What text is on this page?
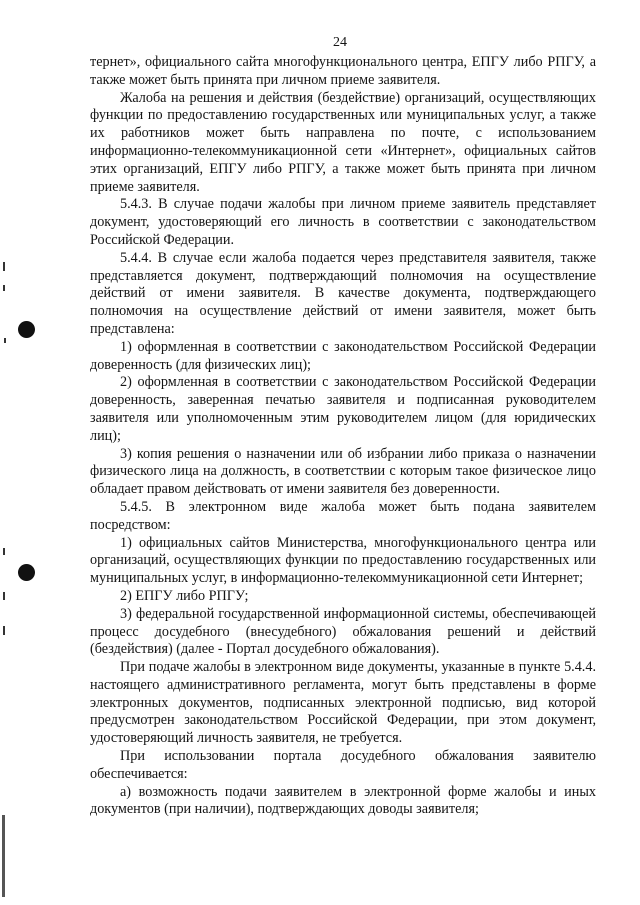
24

тернет», официального сайта многофункционального центра, ЕПГУ либо РПГУ, а также может быть принята при личном приеме заявителя.

Жалоба на решения и действия (бездействие) организаций, осуществляющих функции по предоставлению государственных или муниципальных услуг, а также их работников может быть направлена по почте, с использованием информационно-телекоммуникационной сети «Интернет», официальных сайтов этих организаций, ЕПГУ либо РПГУ, а также может быть принята при личном приеме заявителя.

5.4.3. В случае подачи жалобы при личном приеме заявитель представляет документ, удостоверяющий его личность в соответствии с законодательством Российской Федерации.

5.4.4. В случае если жалоба подается через представителя заявителя, также представляется документ, подтверждающий полномочия на осуществление действий от имени заявителя. В качестве документа, подтверждающего полномочия на осуществление действий от имени заявителя, может быть представлена:

1) оформленная в соответствии с законодательством Российской Федерации доверенность (для физических лиц);

2) оформленная в соответствии с законодательством Российской Федерации доверенность, заверенная печатью заявителя и подписанная руководителем заявителя или уполномоченным этим руководителем лицом (для юридических лиц);

3) копия решения о назначении или об избрании либо приказа о назначении физического лица на должность, в соответствии с которым такое физическое лицо обладает правом действовать от имени заявителя без доверенности.

5.4.5. В электронном виде жалоба может быть подана заявителем посредством:

1) официальных сайтов Министерства, многофункционального центра или организаций, осуществляющих функции по предоставлению государственных или муниципальных услуг, в информационно-телекоммуникационной сети Интернет;

2) ЕПГУ либо РПГУ;

3) федеральной государственной информационной системы, обеспечивающей процесс досудебного (внесудебного) обжалования решений и действий (бездействия) (далее - Портал досудебного обжалования).

При подаче жалобы в электронном виде документы, указанные в пункте 5.4.4. настоящего административного регламента, могут быть представлены в форме электронных документов, подписанных электронной подписью, вид которой предусмотрен законодательством Российской Федерации, при этом документ, удостоверяющий личность заявителя, не требуется.

При использовании портала досудебного обжалования заявителю обеспечивается:

а) возможность подачи заявителем в электронной форме жалобы и иных документов (при наличии), подтверждающих доводы заявителя;
